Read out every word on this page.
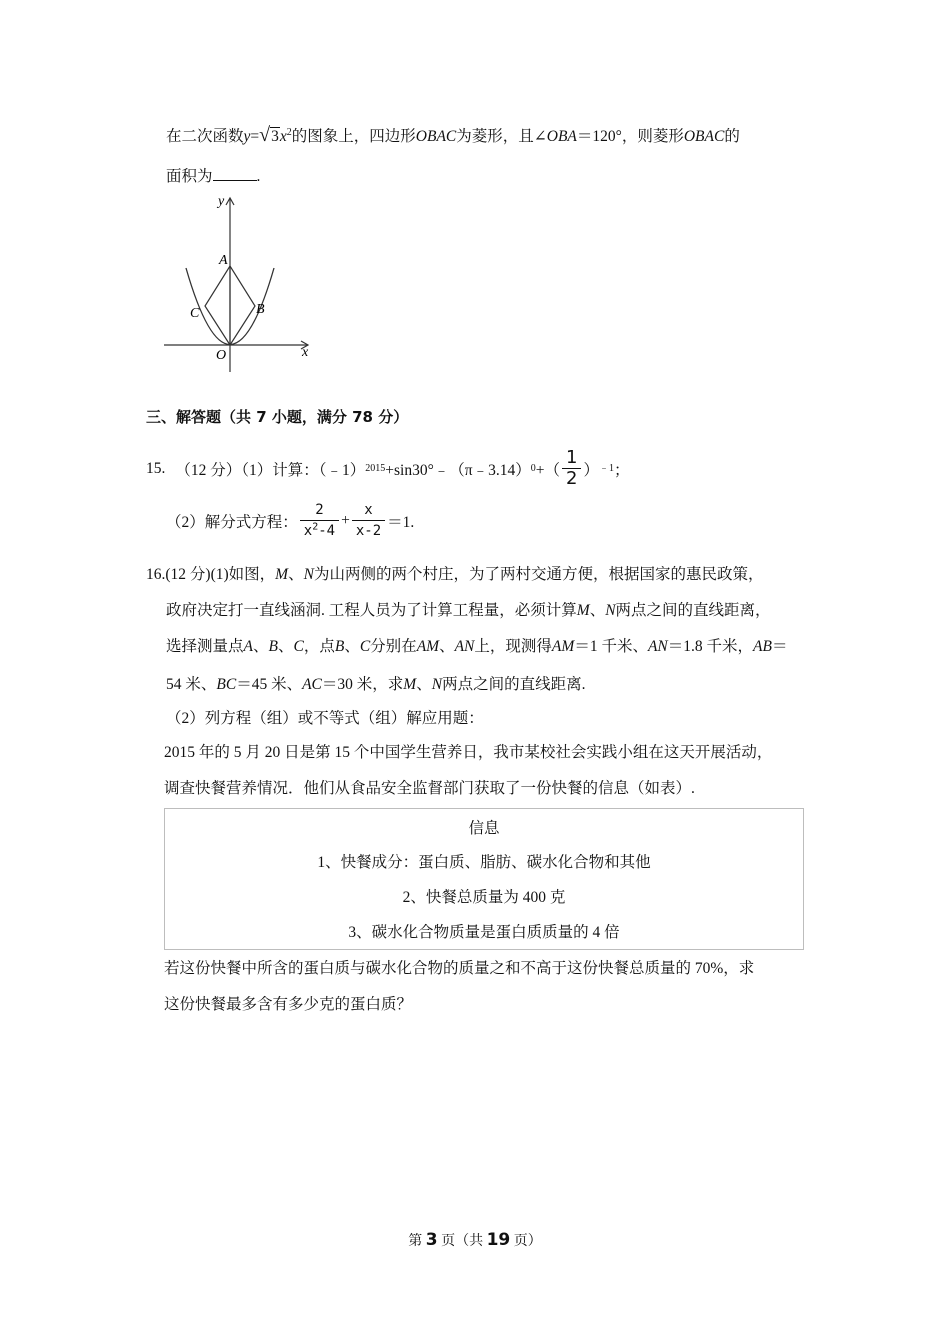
在二次函数$y=√3x^2$的图象上，四边形OBAC为菱形，且∠OBA＝120°，则菱形OBAC的
面积为	.
x
y
A
B
C
O
三、解答题（共 7 小题，满分 78 分）
15. （12 分）（1）计算：（﹣1） 2015 +sin30°﹣（π﹣3.14） 0 +（ $\frac{1}{2}$ ） ﹣1 ；
（2）解分式方程： $\frac{2}{x^2-4} + \frac{x}{x-2} =1$.
16.(12 分)(1)如图，M、N为山两侧的两个村庄，为了两村交通方便，根据国家的惠民政策，
政府决定打一直线涵洞. 工程人员为了计算工程量，必须计算M、N两点之间的直线距离，
选择测量点A、B、C，点B、C分别在AM、AN上，现测得AM＝1 千米、AN＝1.8 千米，AB＝
54 米、BC＝45 米、AC＝30 米，求M、N两点之间的直线距离.
（2）列方程（组）或不等式（组）解应用题：
2015 年的 5 月 20 日是第 15 个中国学生营养日，我市某校社会实践小组在这天开展活动，
调查快餐营养情况．他们从食品安全监督部门获取了一份快餐的信息（如表）.
信息
1、快餐成分：蛋白质、脂肪、碳水化合物和其他
2、快餐总质量为 400 克
3、碳水化合物质量是蛋白质质量的 4 倍
若这份快餐中所含的蛋白质与碳水化合物的质量之和不高于这份快餐总质量的 70%，求
这份快餐最多含有多少克的蛋白质？
第 3 页（共 19 页）
